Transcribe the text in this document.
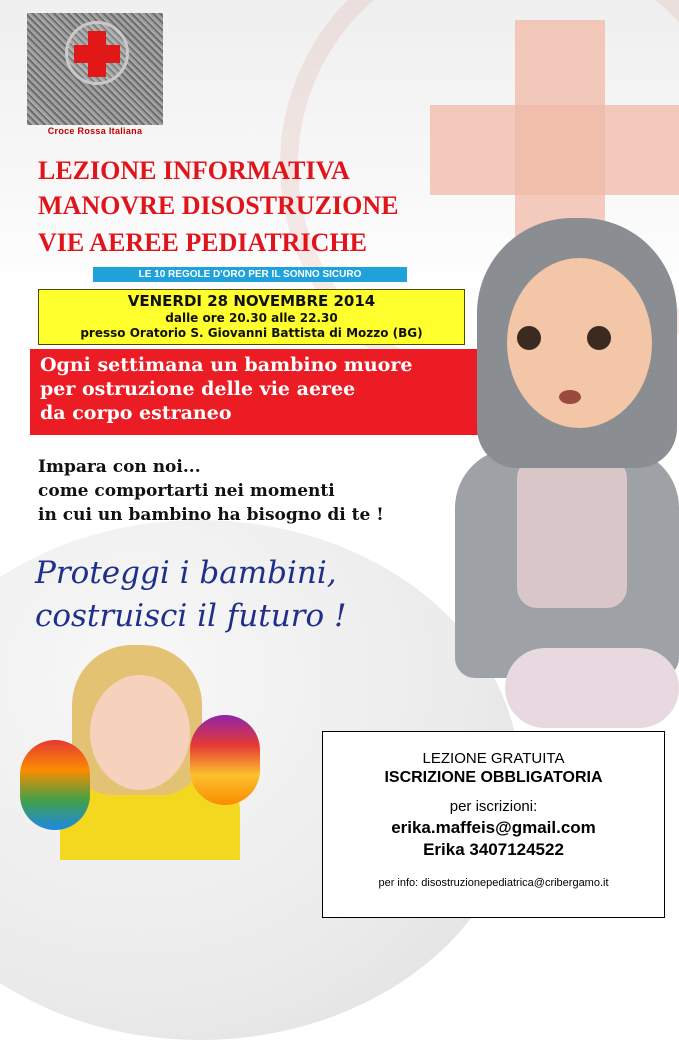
Croce Rossa Italiana
LEZIONE INFORMATIVA
MANOVRE DISOSTRUZIONE
VIE AEREE PEDIATRICHE
LE 10 REGOLE D'ORO PER IL SONNO SICURO
VENERDI 28 NOVEMBRE 2014
dalle ore 20.30 alle 22.30
presso Oratorio S. Giovanni Battista di Mozzo (BG)
Ogni settimana un bambino muore
per ostruzione delle vie aeree
da corpo estraneo
Impara con noi...
come comportarti nei momenti
in cui un bambino ha bisogno di te !
Proteggi i bambini,
costruisci il futuro !
LEZIONE GRATUITA
ISCRIZIONE OBBLIGATORIA
per iscrizioni:
erika.maffeis@gmail.com
Erika 3407124522
per info: disostruzionepediatrica@cribergamo.it
